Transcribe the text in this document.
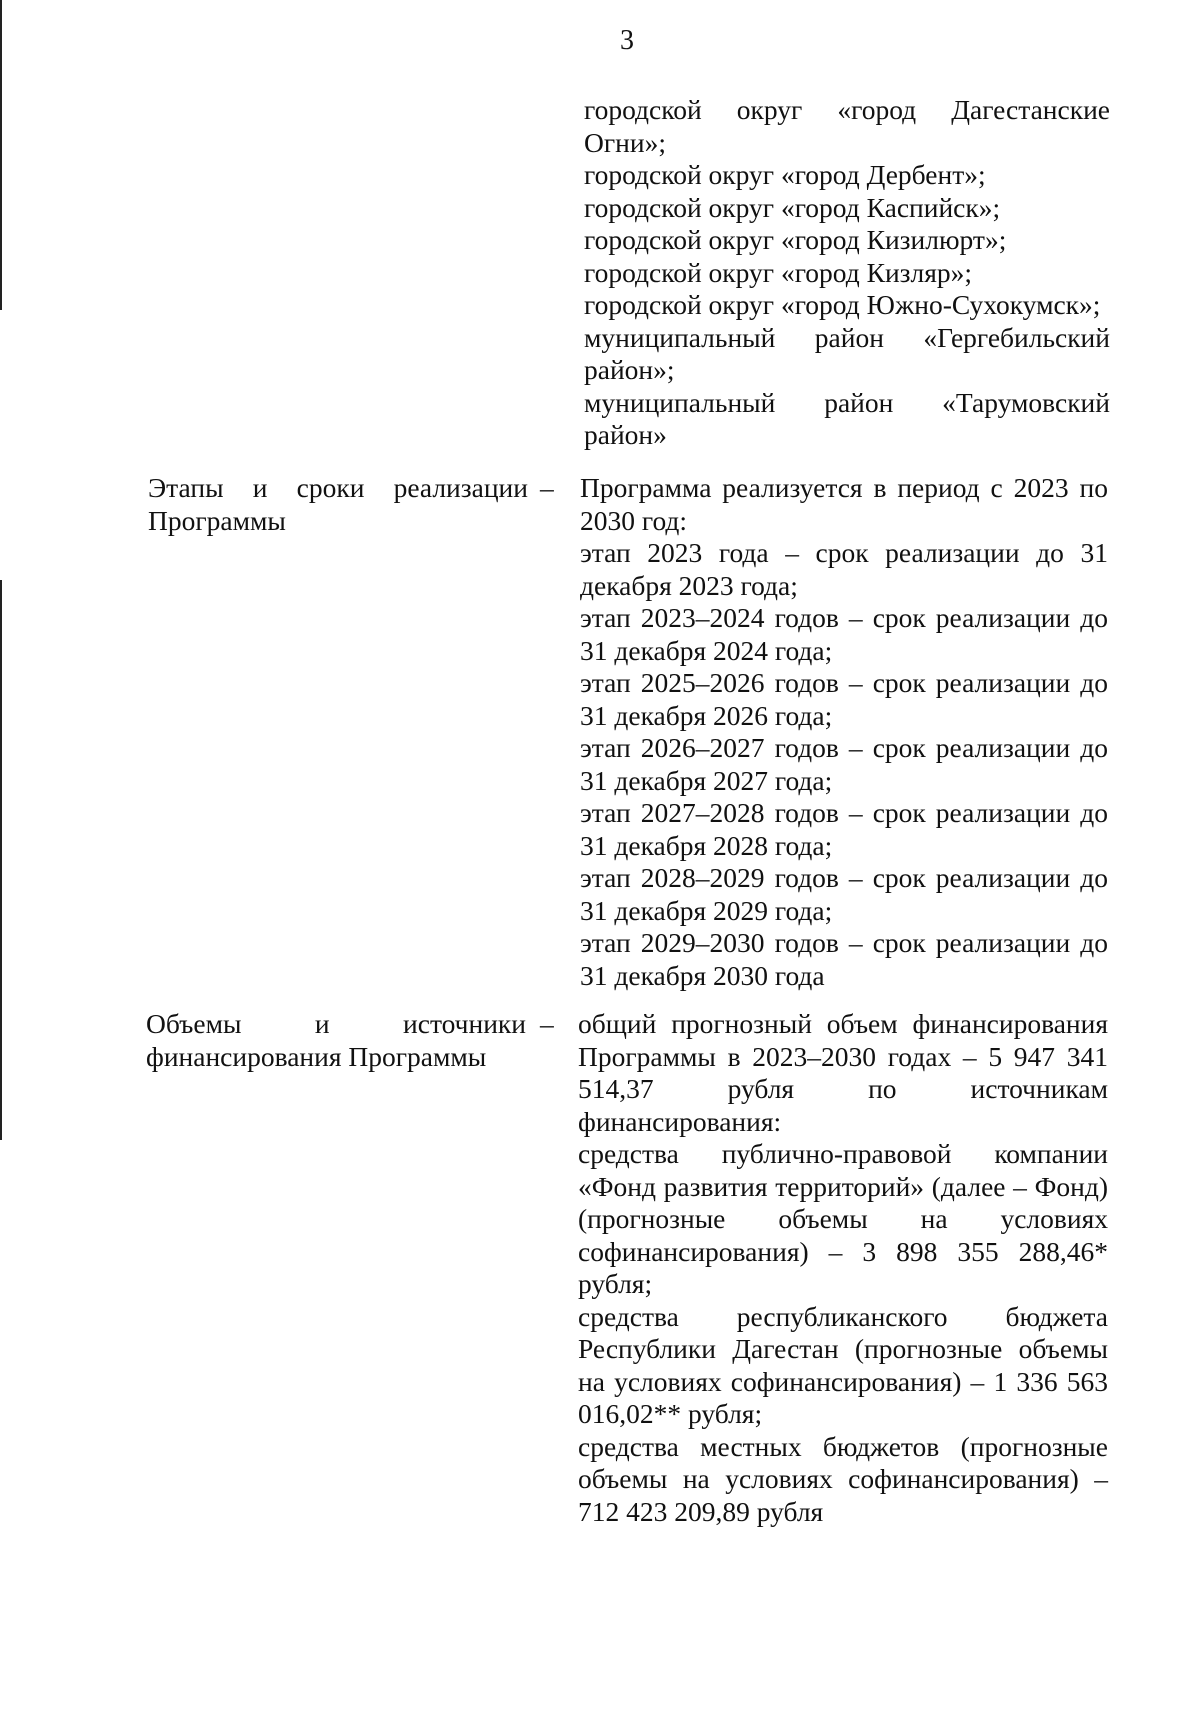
3

городской округ «город Дагестанские Огни»;

городской округ «город Дербент»;

городской округ «город Каспийск»;

городской округ «город Кизилюрт»;

городской округ «город Кизляр»;

городской округ «город Южно-Сухокумск»;

муниципальный район «Гергебильский район»;

муниципальный район «Тарумовский район»

Этапы и сроки реализации Программы

– Программа реализуется в период с 2023 по 2030 год:

этап 2023 года – срок реализации до 31 декабря 2023 года;

этап 2023–2024 годов – срок реализации до 31 декабря 2024 года;

этап 2025–2026 годов – срок реализации до 31 декабря 2026 года;

этап 2026–2027 годов – срок реализации до 31 декабря 2027 года;

этап 2027–2028 годов – срок реализации до 31 декабря 2028 года;

этап 2028–2029 годов – срок реализации до 31 декабря 2029 года;

этап 2029–2030 годов – срок реализации до 31 декабря 2030 года

Объемы и источники финансирования Программы

– общий прогнозный объем финансирования Программы в 2023–2030 годах – 5 947 341 514,37 рубля по источникам финансирования:

средства публично-правовой компании «Фонд развития территорий» (далее – Фонд) (прогнозные объемы на условиях софинансирования) – 3 898 355 288,46* рубля;

средства республиканского бюджета Республики Дагестан (прогнозные объемы на условиях софинансирования) – 1 336 563 016,02** рубля;

средства местных бюджетов (прогнозные объемы на условиях софинансирования) – 712 423 209,89 рубля
